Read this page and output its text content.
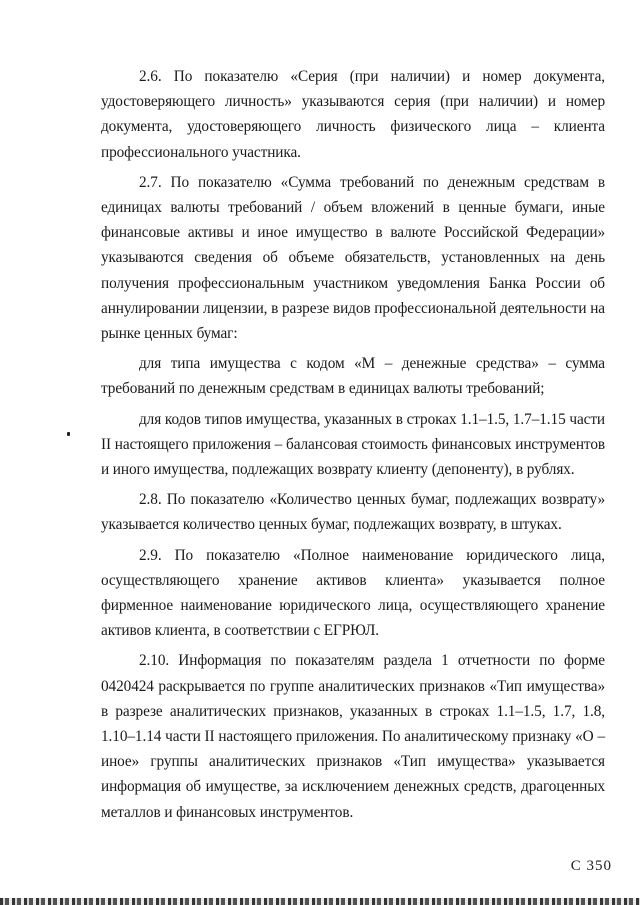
2.6. По показателю «Серия (при наличии) и номер документа, удостоверяющего личность» указываются серия (при наличии) и номер документа, удостоверяющего личность физического лица – клиента профессионального участника.

2.7. По показателю «Сумма требований по денежным средствам в единицах валюты требований / объем вложений в ценные бумаги, иные финансовые активы и иное имущество в валюте Российской Федерации» указываются сведения об объеме обязательств, установленных на день получения профессиональным участником уведомления Банка России об аннулировании лицензии, в разрезе видов профессиональной деятельности на рынке ценных бумаг:

для типа имущества с кодом «М – денежные средства» – сумма требований по денежным средствам в единицах валюты требований;

для кодов типов имущества, указанных в строках 1.1–1.5, 1.7–1.15 части II настоящего приложения – балансовая стоимость финансовых инструментов и иного имущества, подлежащих возврату клиенту (депоненту), в рублях.

2.8. По показателю «Количество ценных бумаг, подлежащих возврату» указывается количество ценных бумаг, подлежащих возврату, в штуках.

2.9. По показателю «Полное наименование юридического лица, осуществляющего хранение активов клиента» указывается полное фирменное наименование юридического лица, осуществляющего хранение активов клиента, в соответствии с ЕГРЮЛ.

2.10. Информация по показателям раздела 1 отчетности по форме 0420424 раскрывается по группе аналитических признаков «Тип имущества» в разрезе аналитических признаков, указанных в строках 1.1–1.5, 1.7, 1.8, 1.10–1.14 части II настоящего приложения. По аналитическому признаку «О – иное» группы аналитических признаков «Тип имущества» указывается информация об имуществе, за исключением денежных средств, драгоценных металлов и финансовых инструментов.

С 350
